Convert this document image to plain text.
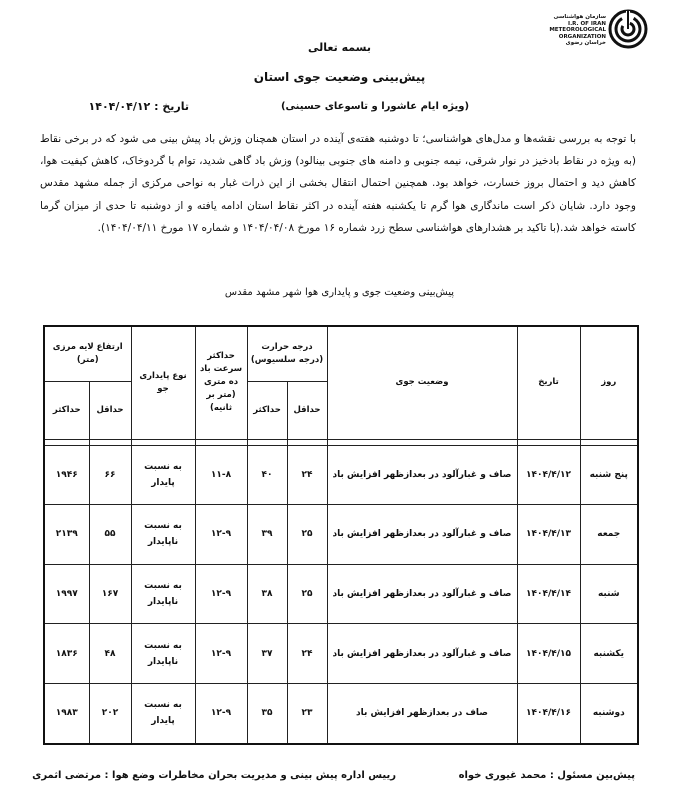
سازمان هواشناسی
I.R. OF IRAN
METEOROLOGICAL
ORGANIZATION
خراسان رضوی
بسمه تعالی
پیش‌بینی وضعیت جوی استان
(ویژه ایام عاشورا و تاسوعای حسینی)
تاریخ : ۱۴۰۴/۰۴/۱۲
با توجه به بررسی نقشه‌ها و مدل‌های هواشناسی؛ تا دوشنبه هفته‌ی آینده در استان همچنان وزش باد پیش بینی می شود که در برخی نقاط (به ویژه در نقاط بادخیز در نوار شرقی، نیمه جنوبی و دامنه های جنوبی بینالود) وزش باد گاهی شدید، توام با گردوخاک، کاهش کیفیت هوا، کاهش دید و احتمال بروز خسارت، خواهد بود. همچنین احتمال انتقال بخشی از این ذرات غبار به نواحی مرکزی از جمله مشهد مقدس وجود دارد. شایان ذکر است ماندگاری هوا گرم تا یکشنبه هفته آینده در اکثر نقاط استان ادامه یافته و از دوشنبه تا حدی از میزان گرما کاسته خواهد شد.(با تاکید بر هشدارهای هواشناسی سطح زرد شماره ۱۶ مورخ ۱۴۰۴/۰۴/۰۸ و شماره ۱۷ مورخ ۱۴۰۴/۰۴/۱۱).
پیش‌بینی وضعیت جوی و پایداری هوا شهر مشهد مقدس
روز	تاریخ	وضعیت جوی	درجه حرارت (درجه سلسیوس)		حداکثر سرعت باد ده متری (متر بر ثانیه)	نوع پایداری جو	ارتفاع لایه مرزی (متر)	
			حداقل	حداکثر			حداقل	حداکثر

پنج شنبه	۱۴۰۴/۴/۱۲	صاف و غبارآلود در بعدازظهر افزایش باد	۲۴	۴۰	۱۱-۸	به نسبت پایدار	۶۶	۱۹۴۶
جمعه	۱۴۰۴/۴/۱۳	صاف و غبارآلود در بعدازظهر افزایش باد	۲۵	۳۹	۱۲-۹	به نسبت ناپایدار	۵۵	۲۱۳۹
شنبه	۱۴۰۴/۴/۱۴	صاف و غبارآلود در بعدازظهر افزایش باد	۲۵	۳۸	۱۲-۹	به نسبت ناپایدار	۱۶۷	۱۹۹۷
یکشنبه	۱۴۰۴/۴/۱۵	صاف و غبارآلود در بعدازظهر افزایش باد	۲۴	۳۷	۱۲-۹	به نسبت ناپایدار	۴۸	۱۸۳۶
دوشنبه	۱۴۰۴/۴/۱۶	صاف در بعدازظهر افزایش باد	۲۳	۳۵	۱۲-۹	به نسبت پایدار	۲۰۲	۱۹۸۳
پیش‌بین مسئول : محمد غیوری خواه
رییس اداره پیش بینی و مدیریت بحران مخاطرات وضع هوا : مرتضی اثمری
